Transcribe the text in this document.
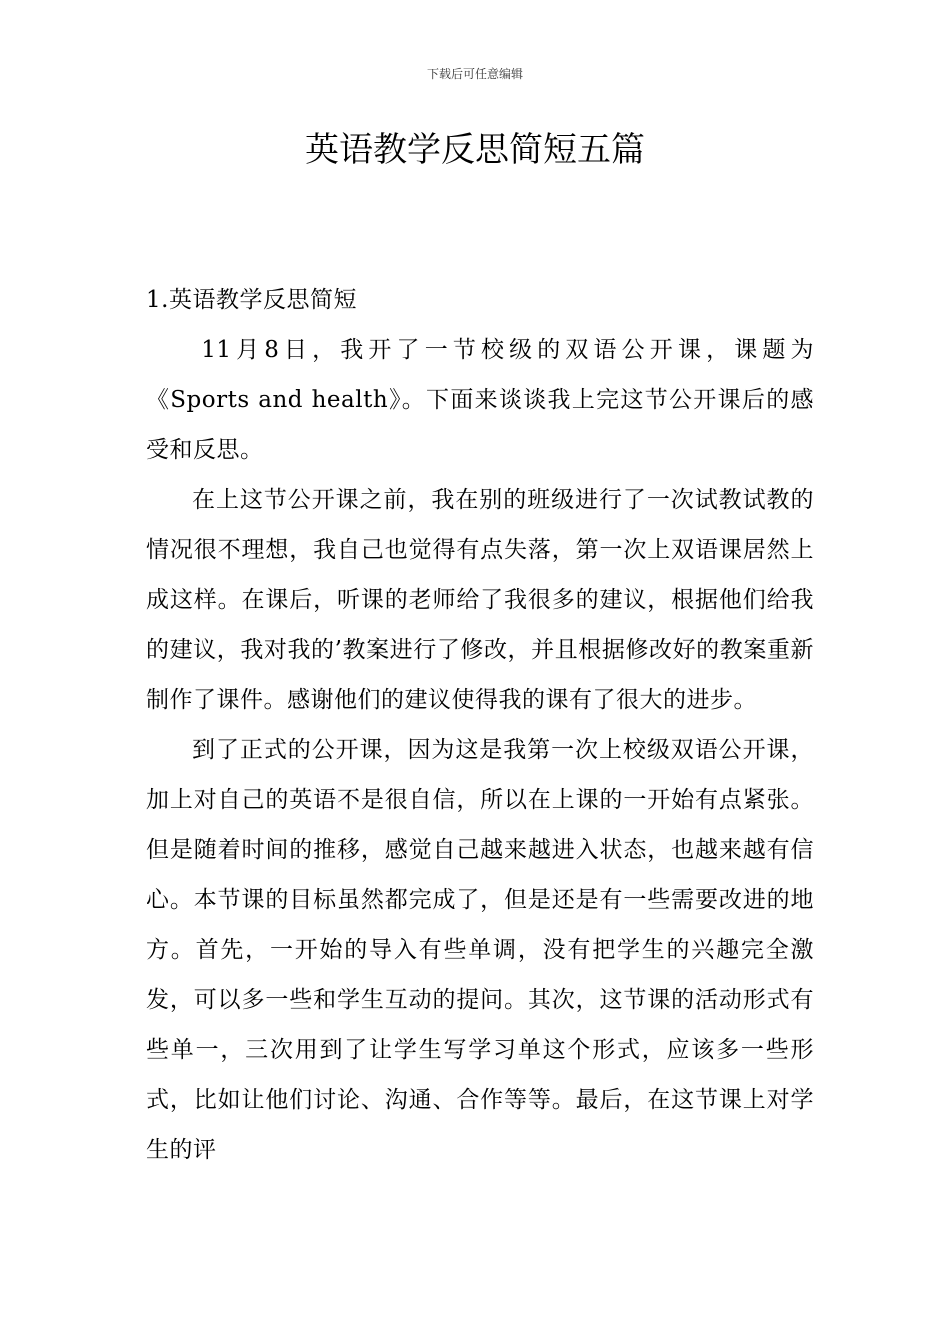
下载后可任意编辑
英语教学反思简短五篇
1.英语教学反思简短

11月8日，我开了一节校级的双语公开课，课题为《Sports and health》。下面来谈谈我上完这节公开课后的感受和反思。

在上这节公开课之前，我在别的班级进行了一次试教试教的情况很不理想，我自己也觉得有点失落，第一次上双语课居然上成这样。在课后，听课的老师给了我很多的建议，根据他们给我的建议，我对我的’教案进行了修改，并且根据修改好的教案重新制作了课件。感谢他们的建议使得我的课有了很大的进步。

到了正式的公开课，因为这是我第一次上校级双语公开课，加上对自己的英语不是很自信，所以在上课的一开始有点紧张。但是随着时间的推移，感觉自己越来越进入状态，也越来越有信心。本节课的目标虽然都完成了，但是还是有一些需要改进的地方。首先，一开始的导入有些单调，没有把学生的兴趣完全激发，可以多一些和学生互动的提问。其次，这节课的活动形式有些单一，三次用到了让学生写学习单这个形式，应该多一些形式，比如让他们讨论、沟通、合作等等。最后，在这节课上对学生的评
